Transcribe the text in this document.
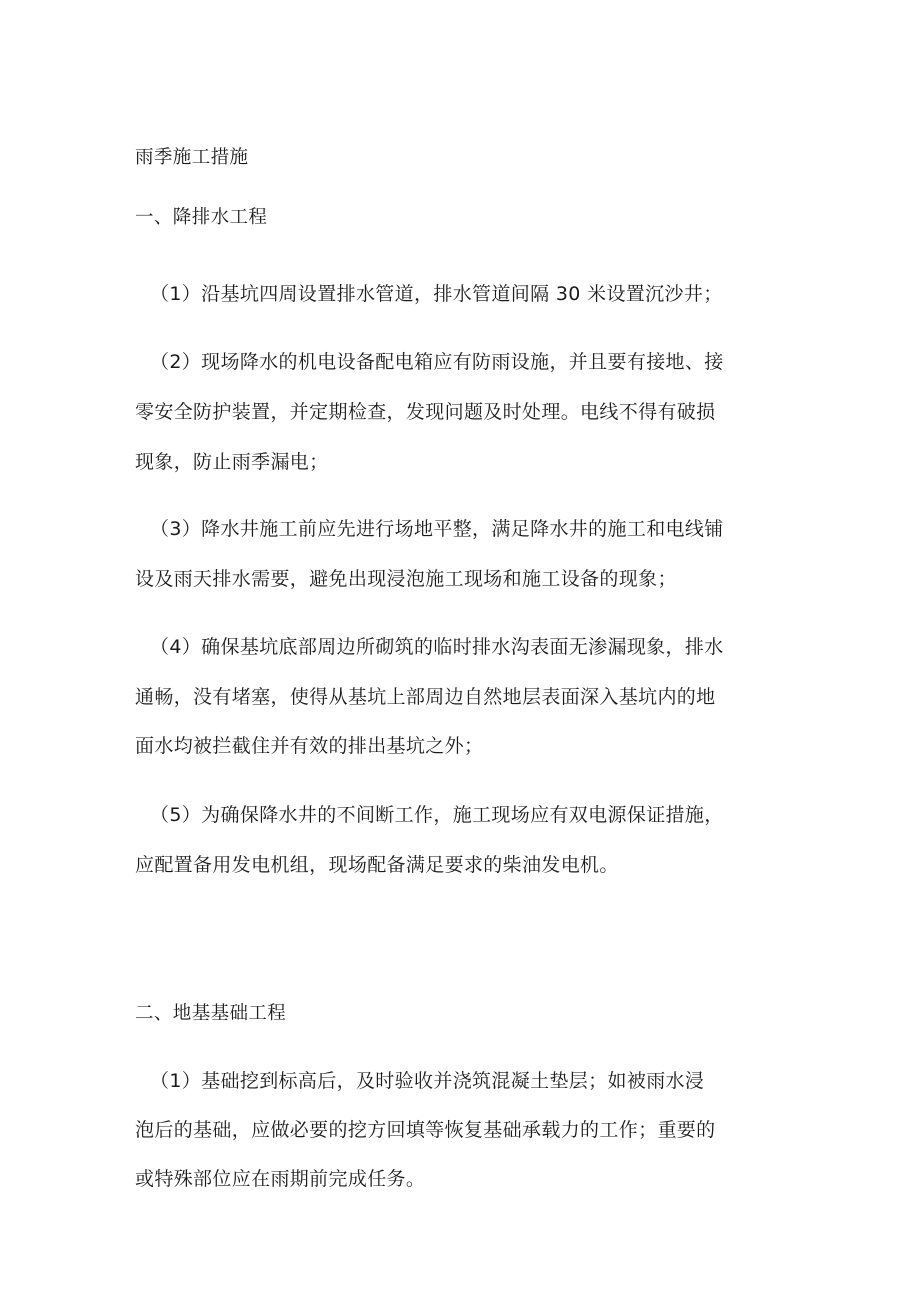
雨季施工措施
一、降排水工程
（1）沿基坑四周设置排水管道，排水管道间隔 30 米设置沉沙井；
（2）现场降水的机电设备配电箱应有防雨设施，并且要有接地、接
零安全防护装置，并定期检查，发现问题及时处理。电线不得有破损
现象，防止雨季漏电；
（3）降水井施工前应先进行场地平整，满足降水井的施工和电线铺
设及雨天排水需要，避免出现浸泡施工现场和施工设备的现象；
（4）确保基坑底部周边所砌筑的临时排水沟表面无渗漏现象，排水
通畅，没有堵塞，使得从基坑上部周边自然地层表面深入基坑内的地
面水均被拦截住并有效的排出基坑之外；
（5）为确保降水井的不间断工作，施工现场应有双电源保证措施，
应配置备用发电机组，现场配备满足要求的柴油发电机。
二、地基基础工程
（1）基础挖到标高后，及时验收并浇筑混凝土垫层；如被雨水浸
泡后的基础，应做必要的挖方回填等恢复基础承载力的工作；重要的
或特殊部位应在雨期前完成任务。
